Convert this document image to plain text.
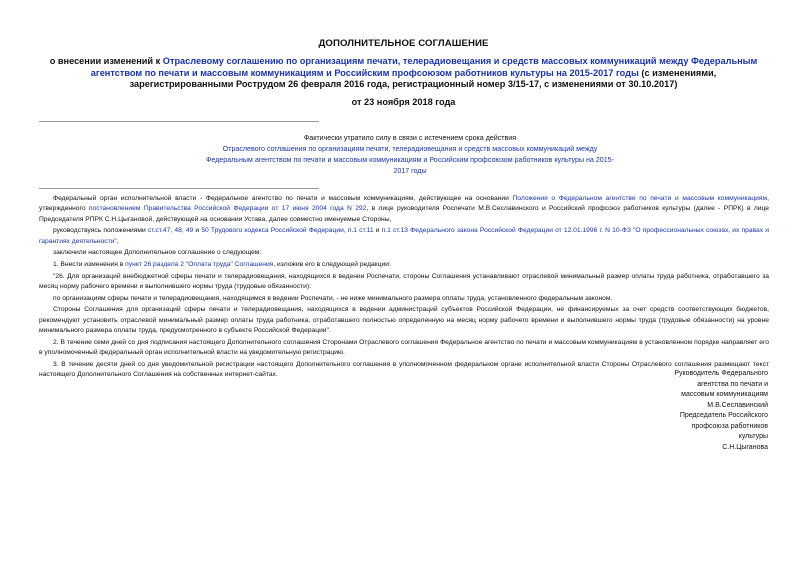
ДОПОЛНИТЕЛЬНОЕ СОГЛАШЕНИЕ
о внесении изменений к Отраслевому соглашению по организациям печати, телерадиовещания и средств массовых коммуникаций между Федеральным агентством по печати и массовым коммуникациям и Российским профсоюзом работников культуры на 2015-2017 годы (с изменениями, зарегистрированными Рострудом 26 февраля 2016 года, регистрационный номер 3/15-17, с изменениями от 30.10.2017)
от 23 ноября 2018 года
Фактически утратило силу в связи с истечением срока действия
Отраслевого соглашения по организациям печати, телерадиовещания и средств массовых коммуникаций между Федеральным агентством по печати и массовым коммуникациям и Российским профсоюзом работников культуры на 2015-2017 годы

Федеральный орган исполнительной власти - Федеральное агентство по печати и массовым коммуникациям, действующее на основании Положения о Федеральном агентстве по печати и массовым коммуникациям, утвержденного постановлением Правительства Российской Федерации от 17 июня 2004 года N 292, в лице руководителя Роспечати М.В.Сеславинского и Российский профсоюз работников культуры (далее - РПРК) в лице Председателя РПРК С.Н.Цыгановой, действующей на основании Устава, далее совместно именуемые Стороны,

руководствуясь положениями ст.ст.47, 48, 49 и 50 Трудового кодекса Российской Федерации, п.1 ст.11 и п.1 ст.13 Федерального закона Российской Федерации от 12.01.1996 г. N 10-ФЗ "О профессиональных союзах, их правах и гарантиях деятельности",

заключили настоящее Дополнительное соглашение о следующем:

1. Внести изменения в пункт 26 раздела 2 "Оплата труда" Соглашения, изложив его в следующей редакции:

"26. Для организаций внебюджетной сферы печати и телерадиовещания, находящихся в ведении Роспечати, стороны Соглашения устанавливают отраслевой минимальный размер оплаты труда работника, отработавшего за месяц норму рабочего времени и выполнившего нормы труда (трудовые обязанности):

по организациям сферы печати и телерадиовещания, находящимся в ведении Роспечати, - не ниже минимального размера оплаты труда, установленного федеральным законом.

Стороны Соглашения для организаций сферы печати и телерадиовещания, находящихся в ведении администраций субъектов Российской Федерации, не финансируемых за счет средств соответствующих бюджетов, рекомендуют установить отраслевой минимальный размер оплаты труда работника, отработавшего полностью определенную на месяц норму рабочего времени и выполнившего нормы труда (трудовые обязанности) на уровне минимального размера оплаты труда, предусмотренного в субъекте Российской Федерации".

2. В течение семи дней со дня подписания настоящего Дополнительного соглашения Сторонами Отраслевого соглашения Федеральное агентство по печати и массовым коммуникациям в установленном порядке направляет его в уполномоченный федеральный орган исполнительной власти на уведомительную регистрацию.

3. В течение десяти дней со дня уведомительной регистрации настоящего Дополнительного соглашения в уполномоченном федеральном органе исполнительной власти Стороны Отраслевого соглашения размещают текст настоящего Дополнительного Соглашения на собственных интернет-сайтах.	Руководитель Федерального
агентства по печати и
массовым коммуникациям
М.В.Сеславинский
Председатель Российского
профсоюза работников
культуры
С.Н.Цыганова
